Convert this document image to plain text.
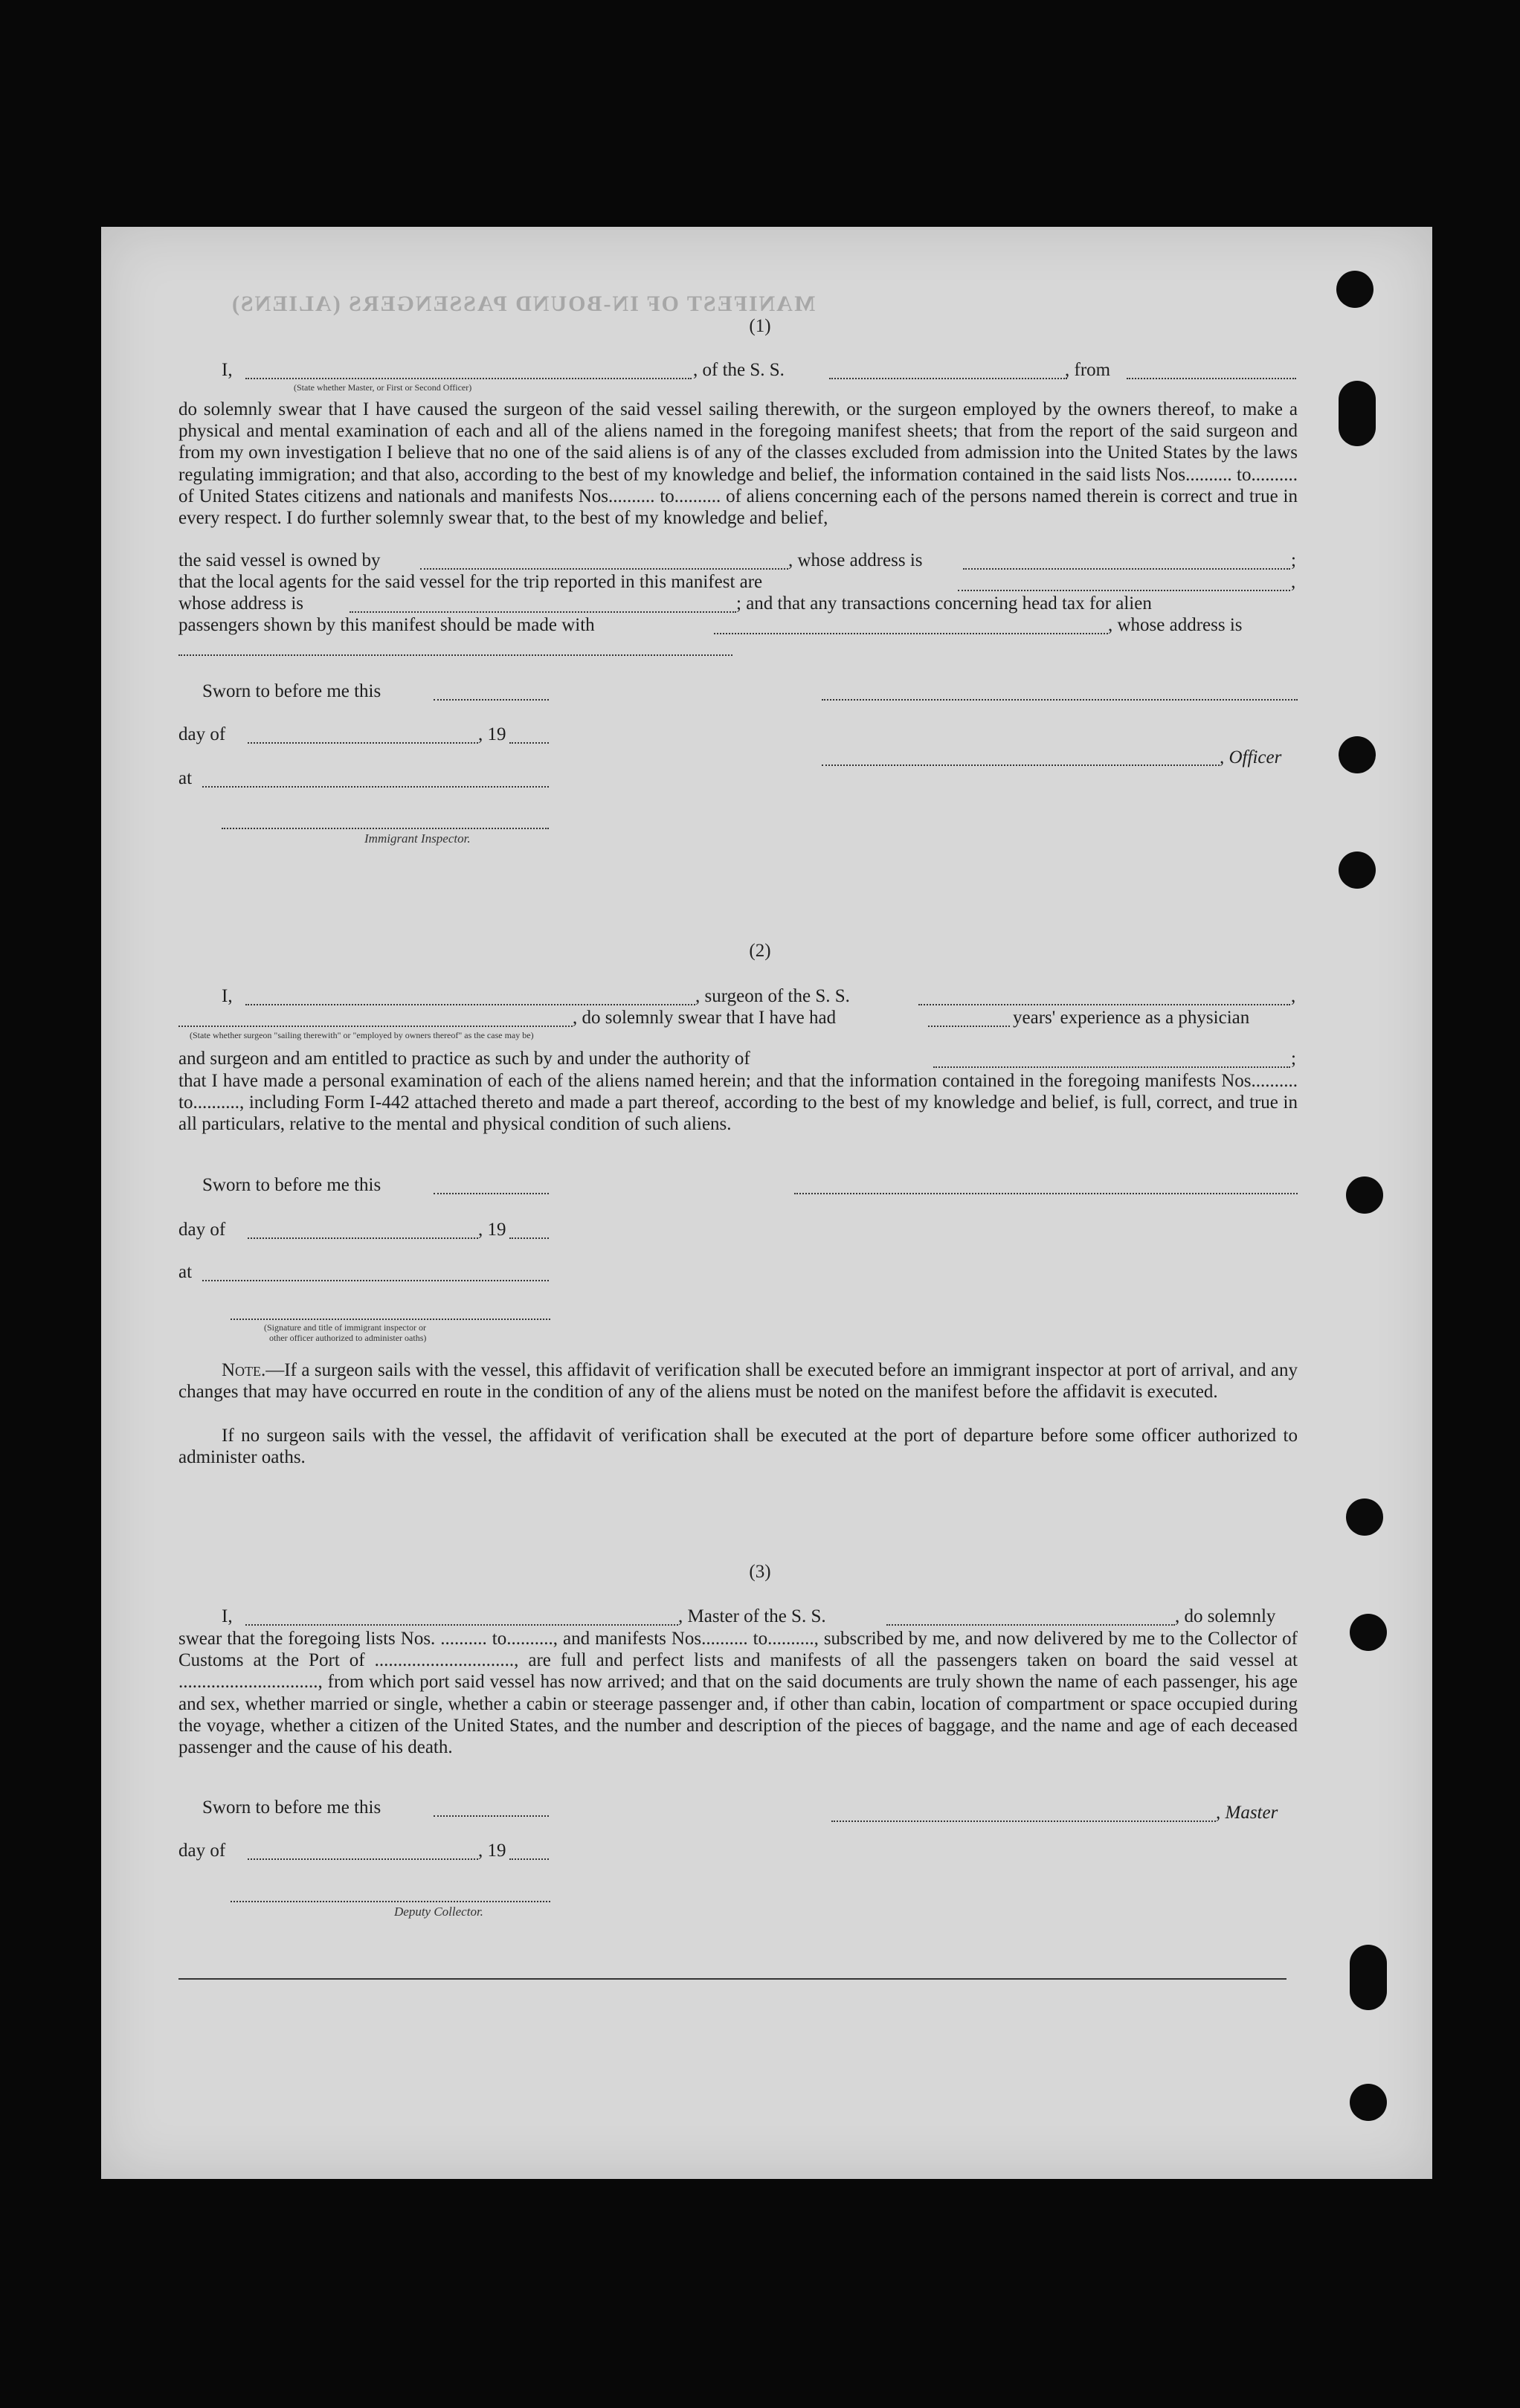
MANIFEST OF IN-BOUND PASSENGERS (ALIENS)
(1)
I,	, of the S. S.	, from
(State whether Master, or First or Second Officer)
do solemnly swear that I have caused the surgeon of the said vessel sailing therewith, or the surgeon employed by the owners thereof, to make a physical and mental examination of each and all of the aliens named in the foregoing manifest sheets; that from the report of the said surgeon and from my own investigation I believe that no one of the said aliens is of any of the classes excluded from admission into the United States by the laws regulating immigration; and that also, according to the best of my knowledge and belief, the information contained in the said lists Nos.......... to.......... of United States citizens and nationals and manifests Nos.......... to.......... of aliens concerning each of the persons named therein is correct and true in every respect. I do further solemnly swear that, to the best of my knowledge and belief,
the said vessel is owned by	, whose address is	;
that the local agents for the said vessel for the trip reported in this manifest are	,
whose address is	; and that any transactions concerning head tax for alien
passengers shown by this manifest should be made with	, whose address is
Sworn to before me this
day of	, 19
, Officer
at
Immigrant Inspector.
(2)
I,	, surgeon of the S. S.	,
, do solemnly swear that I have had	years' experience as a physician
(State whether surgeon "sailing therewith" or "employed by owners thereof" as the case may be)
and surgeon and am entitled to practice as such by and under the authority of	;
that I have made a personal examination of each of the aliens named herein; and that the information contained in the foregoing manifests Nos.......... to.........., including Form I-442 attached thereto and made a part thereof, according to the best of my knowledge and belief, is full, correct, and true in all particulars, relative to the mental and physical condition of such aliens.
Sworn to before me this
day of	, 19
at
(Signature and title of immigrant inspector or
other officer authorized to administer oaths)
Note.—If a surgeon sails with the vessel, this affidavit of verification shall be executed before an immigrant inspector at port of arrival, and any changes that may have occurred en route in the condition of any of the aliens must be noted on the manifest before the affidavit is executed.
If no surgeon sails with the vessel, the affidavit of verification shall be executed at the port of departure before some officer authorized to administer oaths.
(3)
I,	, Master of the S. S.	, do solemnly
swear that the foregoing lists Nos. .......... to.........., and manifests Nos.......... to.........., subscribed by me, and now delivered by me to the Collector of Customs at the Port of .............................., are full and perfect lists and manifests of all the passengers taken on board the said vessel at .............................., from which port said vessel has now arrived; and that on the said documents are truly shown the name of each passenger, his age and sex, whether married or single, whether a cabin or steerage passenger and, if other than cabin, location of compartment or space occupied during the voyage, whether a citizen of the United States, and the number and description of the pieces of baggage, and the name and age of each deceased passenger and the cause of his death.
Sworn to before me this	, Master
day of	, 19
Deputy Collector.
